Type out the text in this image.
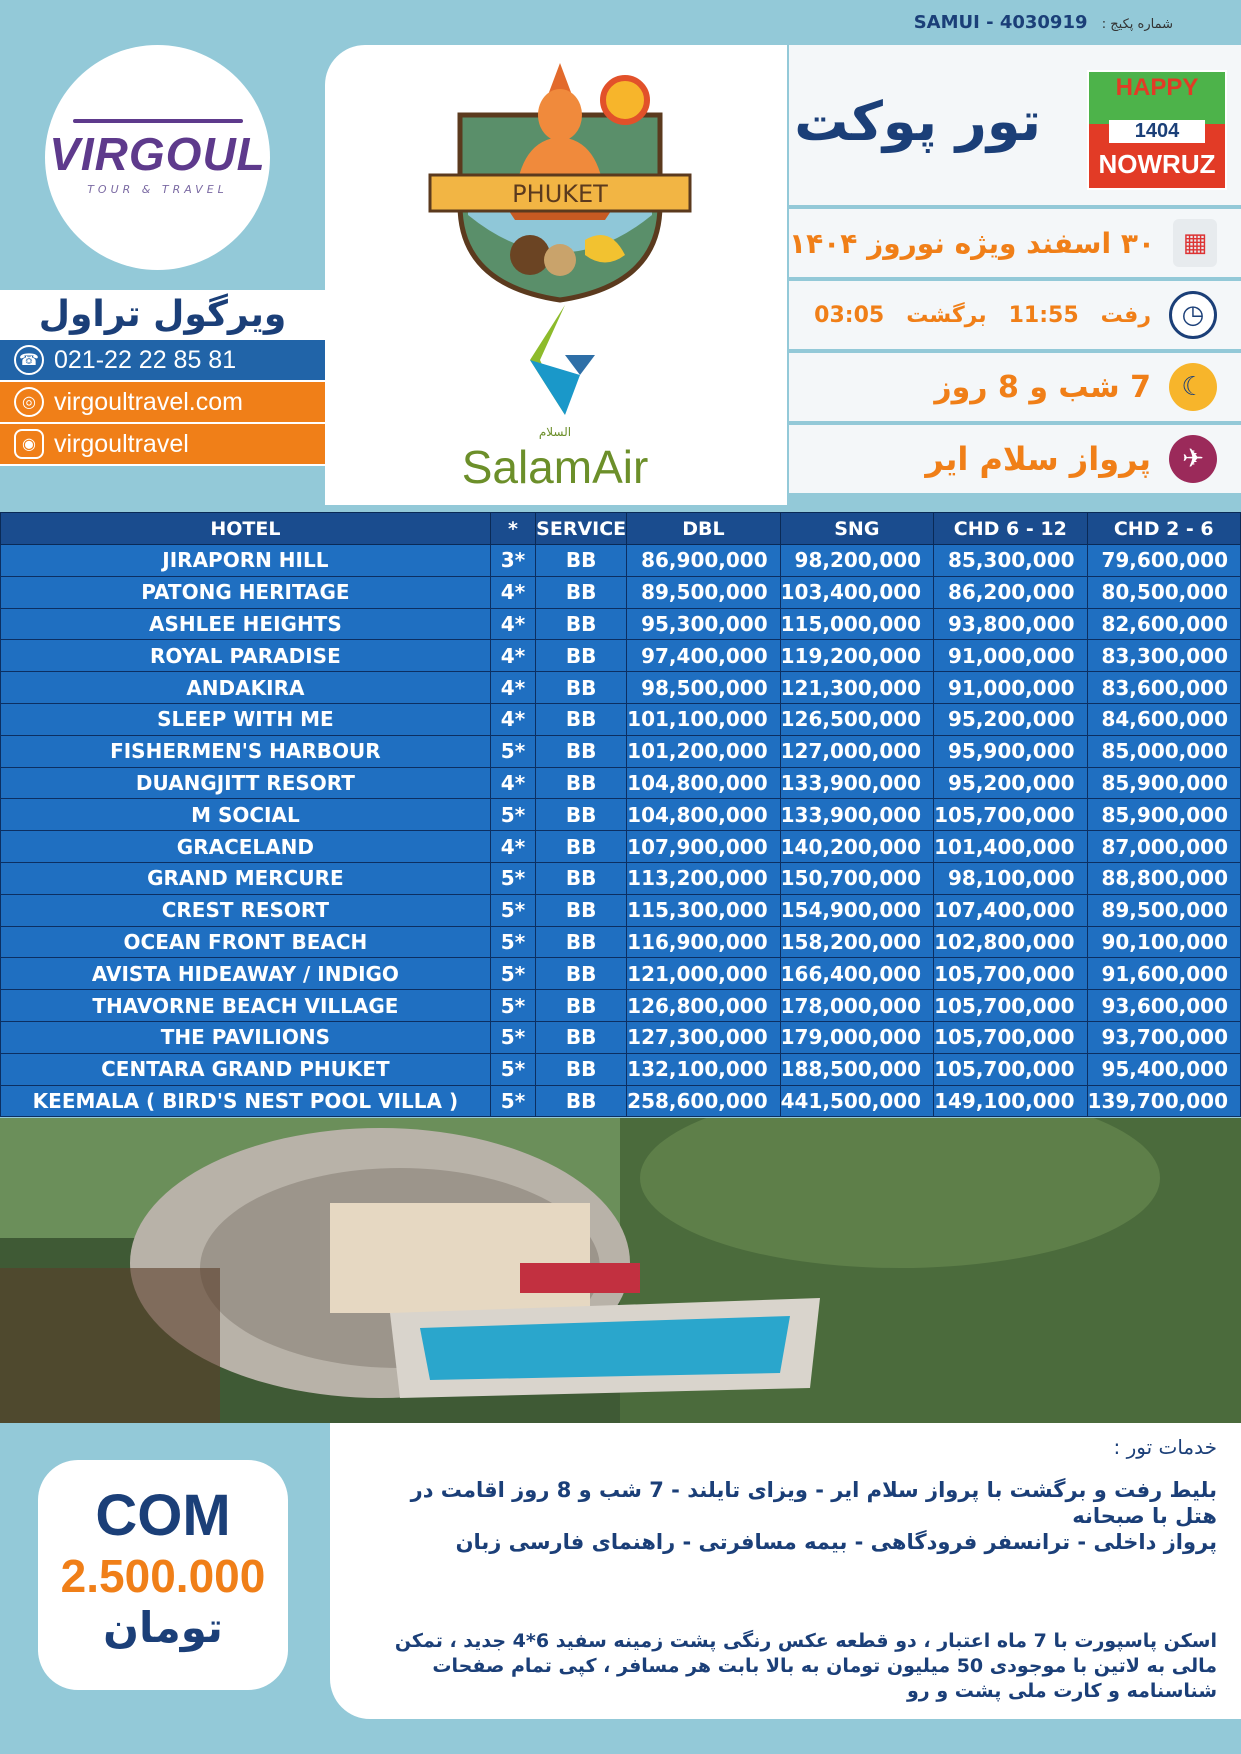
شماره پکیج : SAMUI - 4030919
VIRGOUL
TOUR & TRAVEL
ویرگول تراول
☎ 021-22 22 85 81
◎ virgoultravel.com
◉ virgoultravel
PHUKET
السلام
SalamAir
تور پوکت
HAPPY
1404
NOWRUZ
۳۰ اسفند ویژه نوروز ۱۴۰۴	▦
رفت
11:55
برگشت
03:05	◷
7 شب و 8 روز	☾
پرواز سلام ایر	✈
HOTEL	*	SERVICE	DBL	SNG	CHD 6 - 12	CHD 2 - 6
JIRAPORN HILL	3*	BB	86,900,000	98,200,000	85,300,000	79,600,000
PATONG HERITAGE	4*	BB	89,500,000	103,400,000	86,200,000	80,500,000
ASHLEE HEIGHTS	4*	BB	95,300,000	115,000,000	93,800,000	82,600,000
ROYAL PARADISE	4*	BB	97,400,000	119,200,000	91,000,000	83,300,000
ANDAKIRA	4*	BB	98,500,000	121,300,000	91,000,000	83,600,000
SLEEP WITH ME	4*	BB	101,100,000	126,500,000	95,200,000	84,600,000
FISHERMEN'S HARBOUR	5*	BB	101,200,000	127,000,000	95,900,000	85,000,000
DUANGJITT RESORT	4*	BB	104,800,000	133,900,000	95,200,000	85,900,000
M SOCIAL	5*	BB	104,800,000	133,900,000	105,700,000	85,900,000
GRACELAND	4*	BB	107,900,000	140,200,000	101,400,000	87,000,000
GRAND MERCURE	5*	BB	113,200,000	150,700,000	98,100,000	88,800,000
CREST RESORT	5*	BB	115,300,000	154,900,000	107,400,000	89,500,000
OCEAN FRONT BEACH	5*	BB	116,900,000	158,200,000	102,800,000	90,100,000
AVISTA HIDEAWAY / INDIGO	5*	BB	121,000,000	166,400,000	105,700,000	91,600,000
THAVORNE BEACH VILLAGE	5*	BB	126,800,000	178,000,000	105,700,000	93,600,000
THE PAVILIONS	5*	BB	127,300,000	179,000,000	105,700,000	93,700,000
CENTARA GRAND PHUKET	5*	BB	132,100,000	188,500,000	105,700,000	95,400,000
KEEMALA ( BIRD'S NEST POOL VILLA )	5*	BB	258,600,000	441,500,000	149,100,000	139,700,000
COM
2.500.000
تومان
خدمات تور :
بلیط رفت و برگشت با پرواز سلام ایر - ویزای تایلند - 7 شب و 8 روز اقامت در هتل با صبحانه
پرواز داخلی - ترانسفر فرودگاهی - بیمه مسافرتی - راهنمای فارسی زبان
اسکن پاسپورت با 7 ماه اعتبار ، دو قطعه عکس رنگی پشت زمینه سفید 6*4 جدید ، تمکن مالی به لاتین با موجودی 50 میلیون تومان به بالا بابت هر مسافر ، کپی تمام صفحات شناسنامه و کارت ملی پشت و رو
